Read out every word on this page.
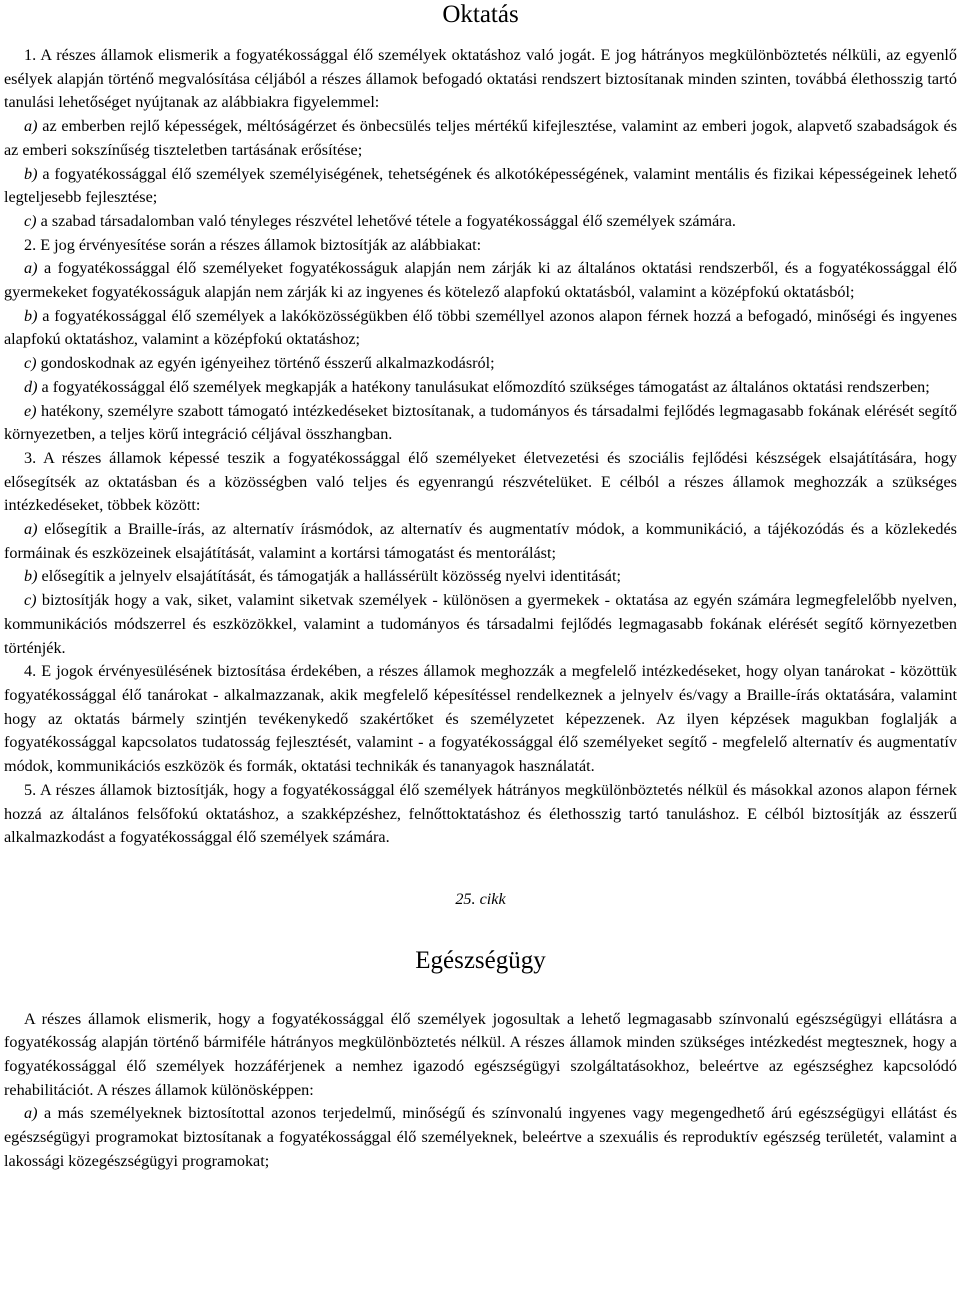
Oktatás

1. A részes államok elismerik a fogyatékossággal élő személyek oktatáshoz való jogát. E jog hátrányos megkülönböztetés nélküli, az egyenlő esélyek alapján történő megvalósítása céljából a részes államok befogadó oktatási rendszert biztosítanak minden szinten, továbbá élethosszig tartó tanulási lehetőséget nyújtanak az alábbiakra figyelemmel:

a) az emberben rejlő képességek, méltóságérzet és önbecsülés teljes mértékű kifejlesztése, valamint az emberi jogok, alapvető szabadságok és az emberi sokszínűség tiszteletben tartásának erősítése;

b) a fogyatékossággal élő személyek személyiségének, tehetségének és alkotóképességének, valamint mentális és fizikai képességeinek lehető legteljesebb fejlesztése;

c) a szabad társadalomban való tényleges részvétel lehetővé tétele a fogyatékossággal élő személyek számára.

2. E jog érvényesítése során a részes államok biztosítják az alábbiakat:

a) a fogyatékossággal élő személyeket fogyatékosságuk alapján nem zárják ki az általános oktatási rendszerből, és a fogyatékossággal élő gyermekeket fogyatékosságuk alapján nem zárják ki az ingyenes és kötelező alapfokú oktatásból, valamint a középfokú oktatásból;

b) a fogyatékossággal élő személyek a lakóközösségükben élő többi személlyel azonos alapon férnek hozzá a befogadó, minőségi és ingyenes alapfokú oktatáshoz, valamint a középfokú oktatáshoz;

c) gondoskodnak az egyén igényeihez történő ésszerű alkalmazkodásról;

d) a fogyatékossággal élő személyek megkapják a hatékony tanulásukat előmozdító szükséges támogatást az általános oktatási rendszerben;

e) hatékony, személyre szabott támogató intézkedéseket biztosítanak, a tudományos és társadalmi fejlődés legmagasabb fokának elérését segítő környezetben, a teljes körű integráció céljával összhangban.

3. A részes államok képessé teszik a fogyatékossággal élő személyeket életvezetési és szociális fejlődési készségek elsajátítására, hogy elősegítsék az oktatásban és a közösségben való teljes és egyenrangú részvételüket. E célból a részes államok meghozzák a szükséges intézkedéseket, többek között:

a) elősegítik a Braille-írás, az alternatív írásmódok, az alternatív és augmentatív módok, a kommunikáció, a tájékozódás és a közlekedés formáinak és eszközeinek elsajátítását, valamint a kortársi támogatást és mentorálást;

b) elősegítik a jelnyelv elsajátítását, és támogatják a hallássérült közösség nyelvi identitását;

c) biztosítják hogy a vak, siket, valamint siketvak személyek - különösen a gyermekek - oktatása az egyén számára legmegfelelőbb nyelven, kommunikációs módszerrel és eszközökkel, valamint a tudományos és társadalmi fejlődés legmagasabb fokának elérését segítő környezetben történjék.

4. E jogok érvényesülésének biztosítása érdekében, a részes államok meghozzák a megfelelő intézkedéseket, hogy olyan tanárokat - közöttük fogyatékossággal élő tanárokat - alkalmazzanak, akik megfelelő képesítéssel rendelkeznek a jelnyelv és/vagy a Braille-írás oktatására, valamint hogy az oktatás bármely szintjén tevékenykedő szakértőket és személyzetet képezzenek. Az ilyen képzések magukban foglalják a fogyatékossággal kapcsolatos tudatosság fejlesztését, valamint - a fogyatékossággal élő személyeket segítő - megfelelő alternatív és augmentatív módok, kommunikációs eszközök és formák, oktatási technikák és tananyagok használatát.

5. A részes államok biztosítják, hogy a fogyatékossággal élő személyek hátrányos megkülönböztetés nélkül és másokkal azonos alapon férnek hozzá az általános felsőfokú oktatáshoz, a szakképzéshez, felnőttoktatáshoz és élethosszig tartó tanuláshoz. E célból biztosítják az ésszerű alkalmazkodást a fogyatékossággal élő személyek számára.

25. cikk

Egészségügy

A részes államok elismerik, hogy a fogyatékossággal élő személyek jogosultak a lehető legmagasabb színvonalú egészségügyi ellátásra a fogyatékosság alapján történő bármiféle hátrányos megkülönböztetés nélkül. A részes államok minden szükséges intézkedést megtesznek, hogy a fogyatékossággal élő személyek hozzáférjenek a nemhez igazodó egészségügyi szolgáltatásokhoz, beleértve az egészséghez kapcsolódó rehabilitációt. A részes államok különösképpen:

a) a más személyeknek biztosítottal azonos terjedelmű, minőségű és színvonalú ingyenes vagy megengedhető árú egészségügyi ellátást és egészségügyi programokat biztosítanak a fogyatékossággal élő személyeknek, beleértve a szexuális és reproduktív egészség területét, valamint a lakossági közegészségügyi programokat;
